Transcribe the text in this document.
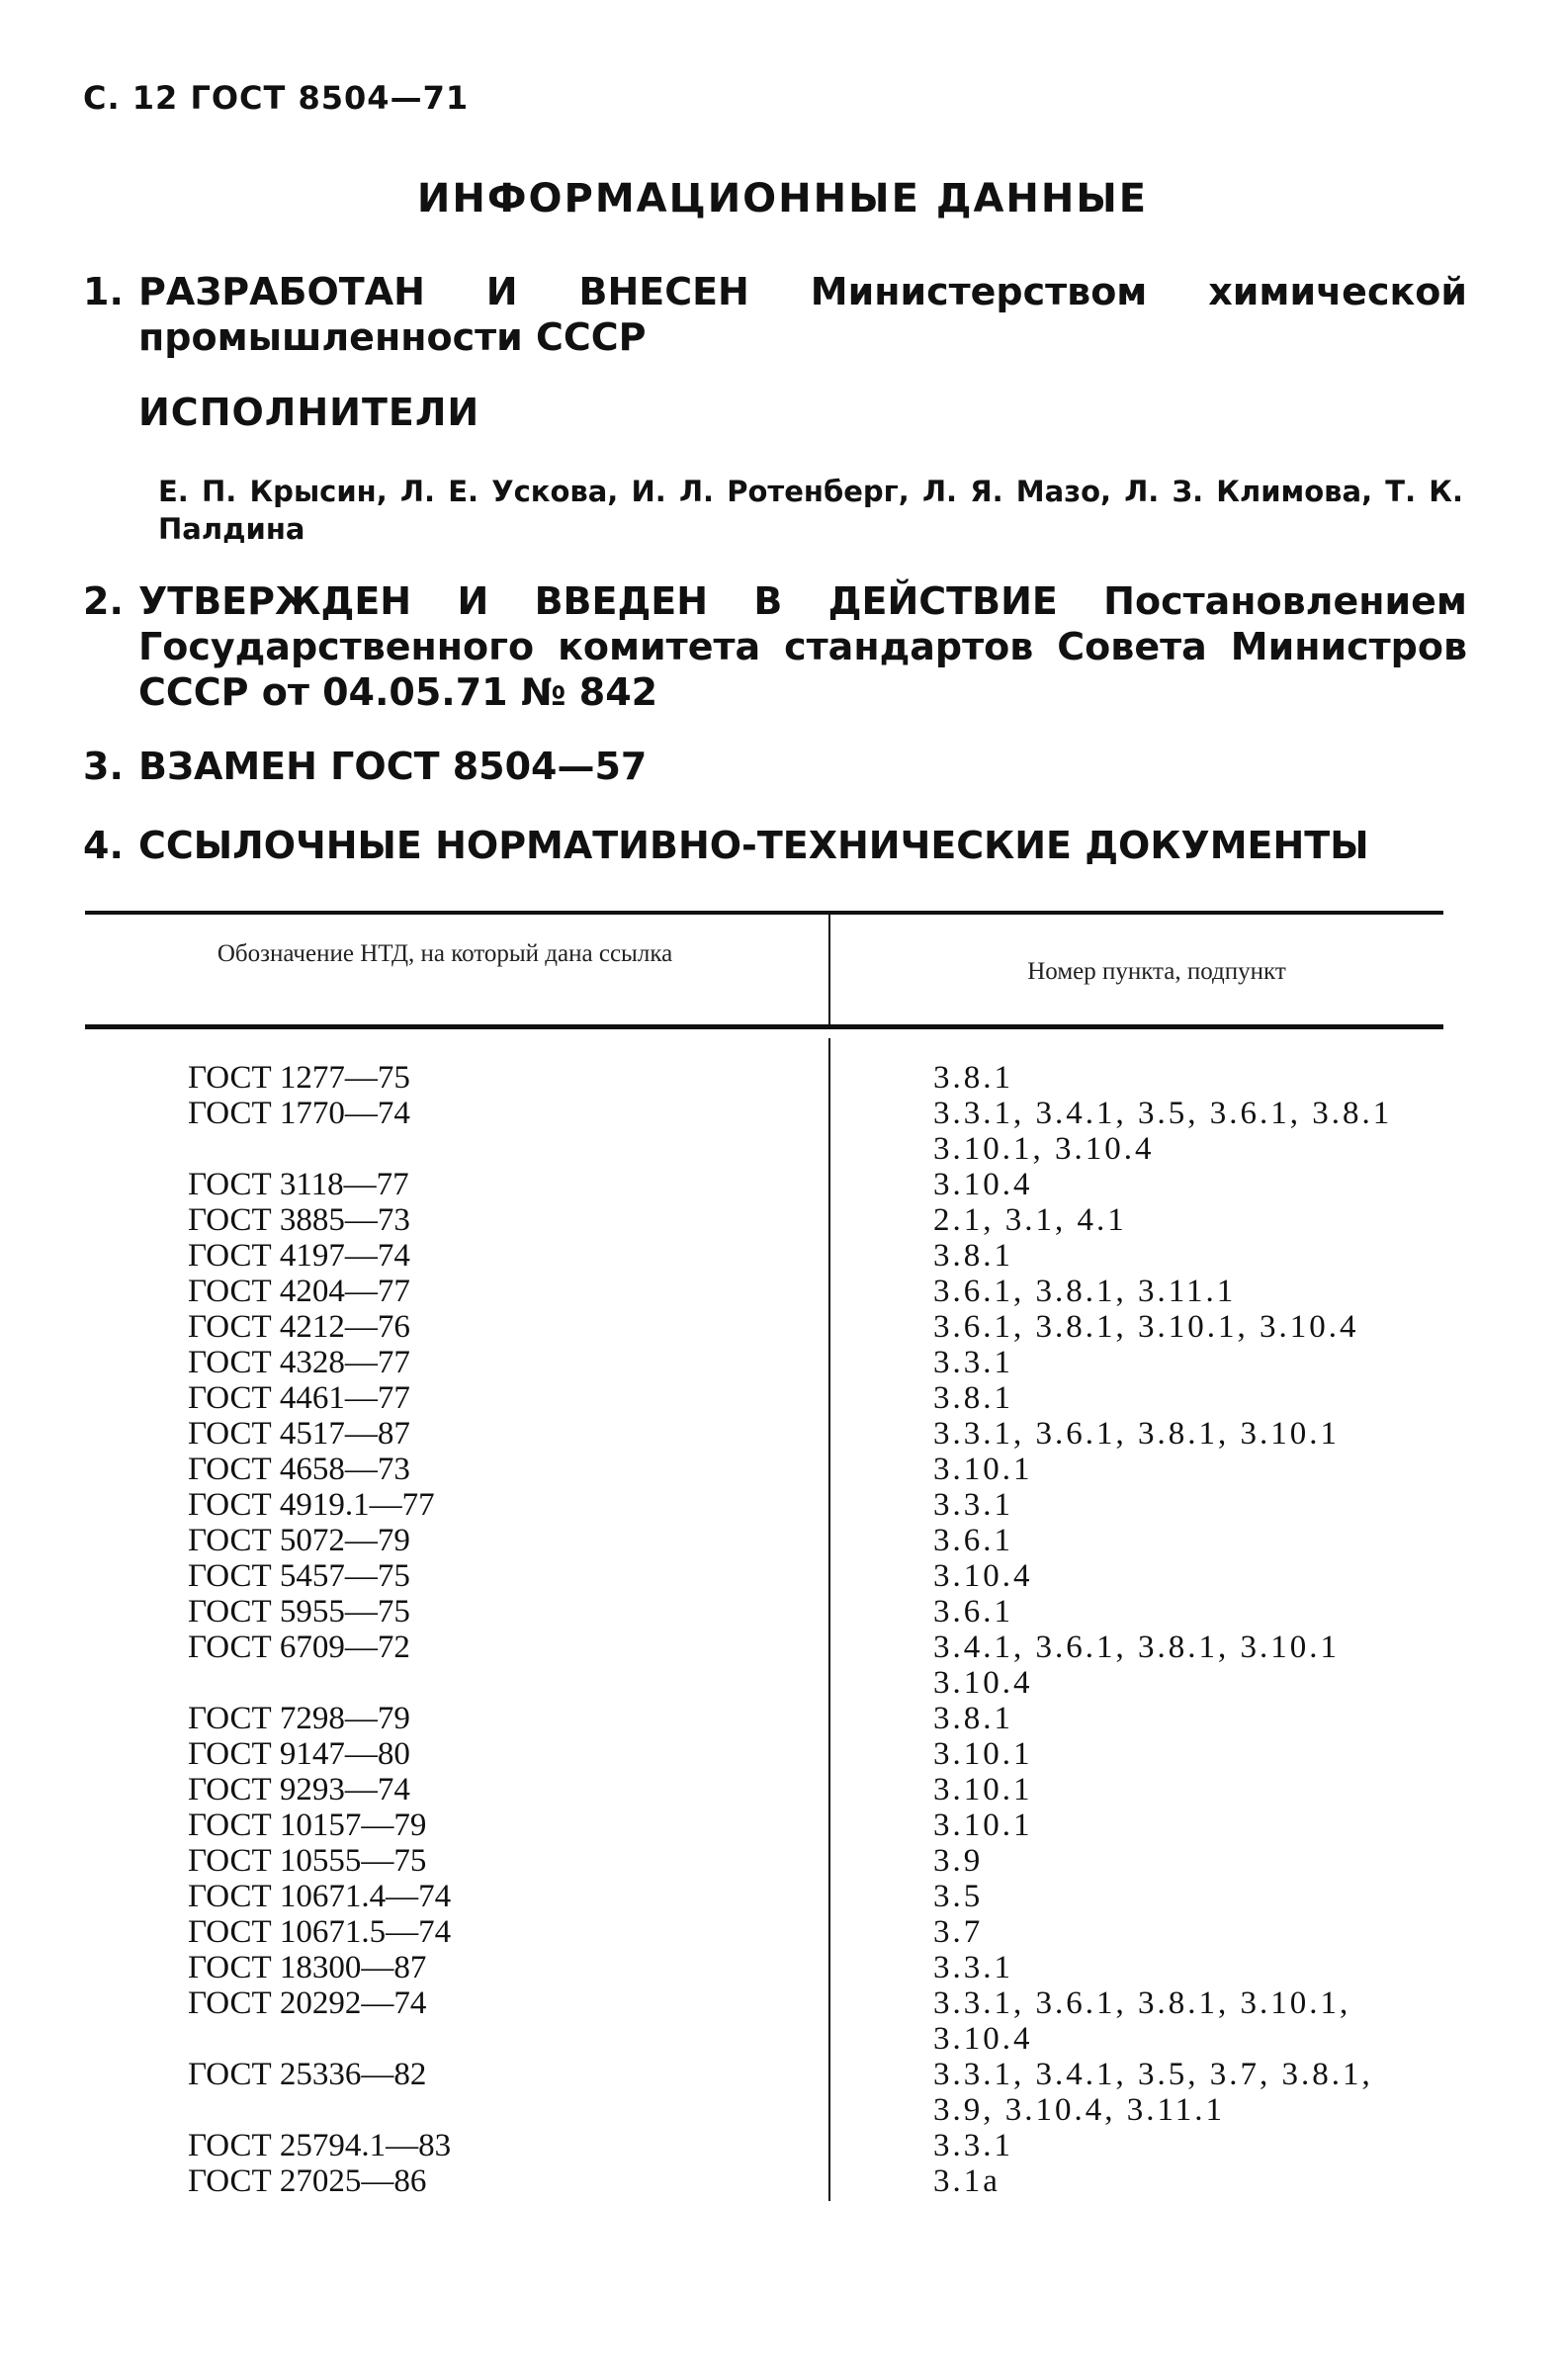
С. 12 ГОСТ 8504—71
ИНФОРМАЦИОННЫЕ ДАННЫЕ
1. РАЗРАБОТАН И ВНЕСЕН Министерством химической промышленности СССР
ИСПОЛНИТЕЛИ
Е. П. Крысин, Л. Е. Ускова, И. Л. Ротенберг, Л. Я. Мазо, Л. З. Климова, Т. К. Палдина
2. УТВЕРЖДЕН И ВВЕДЕН В ДЕЙСТВИЕ Постановлением Государственного комитета стандартов Совета Министров СССР от 04.05.71 № 842
3. ВЗАМЕН ГОСТ 8504—57
4. ССЫЛОЧНЫЕ НОРМАТИВНО-ТЕХНИЧЕСКИЕ ДОКУМЕНТЫ
Обозначение НТД, на который дана ссылка
Номер пункта, подпункт
ГОСТ 1277—75	3.8.1
ГОСТ 1770—74	3.3.1, 3.4.1, 3.5, 3.6.1, 3.8.1
3.10.1, 3.10.4
ГОСТ 3118—77	3.10.4
ГОСТ 3885—73	2.1, 3.1, 4.1
ГОСТ 4197—74	3.8.1
ГОСТ 4204—77	3.6.1, 3.8.1, 3.11.1
ГОСТ 4212—76	3.6.1, 3.8.1, 3.10.1, 3.10.4
ГОСТ 4328—77	3.3.1
ГОСТ 4461—77	3.8.1
ГОСТ 4517—87	3.3.1, 3.6.1, 3.8.1, 3.10.1
ГОСТ 4658—73	3.10.1
ГОСТ 4919.1—77	3.3.1
ГОСТ 5072—79	3.6.1
ГОСТ 5457—75	3.10.4
ГОСТ 5955—75	3.6.1
ГОСТ 6709—72	3.4.1, 3.6.1, 3.8.1, 3.10.1
3.10.4
ГОСТ 7298—79	3.8.1
ГОСТ 9147—80	3.10.1
ГОСТ 9293—74	3.10.1
ГОСТ 10157—79	3.10.1
ГОСТ 10555—75	3.9
ГОСТ 10671.4—74	3.5
ГОСТ 10671.5—74	3.7
ГОСТ 18300—87	3.3.1
ГОСТ 20292—74	3.3.1, 3.6.1, 3.8.1, 3.10.1,
3.10.4
ГОСТ 25336—82	3.3.1, 3.4.1, 3.5, 3.7, 3.8.1,
3.9, 3.10.4, 3.11.1
ГОСТ 25794.1—83	3.3.1
ГОСТ 27025—86	3.1а
